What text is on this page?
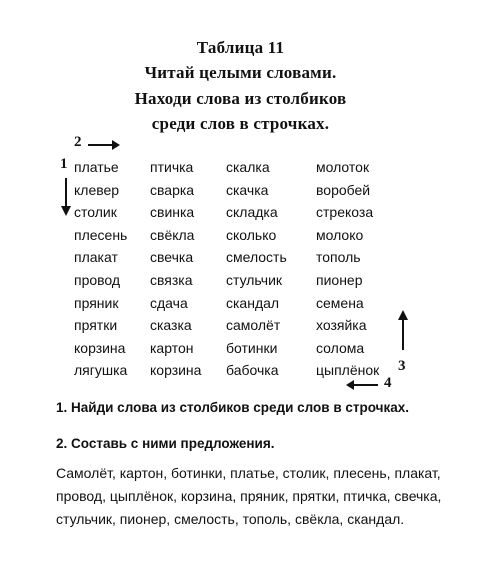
Таблица 11
Читай целыми словами.
Находи слова из столбиков
среди слов в строчках.
2
1
3
4
платье
клевер
столик
плесень
плакат
провод
пряник
прятки
корзина
лягушка
птичка
сварка
свинка
свёкла
свечка
связка
сдача
сказка
картон
корзина
скалка
скачка
складка
сколько
смелость
стульчик
скандал
самолёт
ботинки
бабочка
молоток
воробей
стрекоза
молоко
тополь
пионер
семена
хозяйка
солома
цыплёнок
1. Найди слова из столбиков среди слов в строчках.
2. Составь с ними предложения.
Самолёт, картон, ботинки, платье, столик, плесень, плакат, провод, цыплёнок, корзина, пряник, прятки, птичка, свечка, стульчик, пионер, смелость, тополь, свёкла, скандал.
